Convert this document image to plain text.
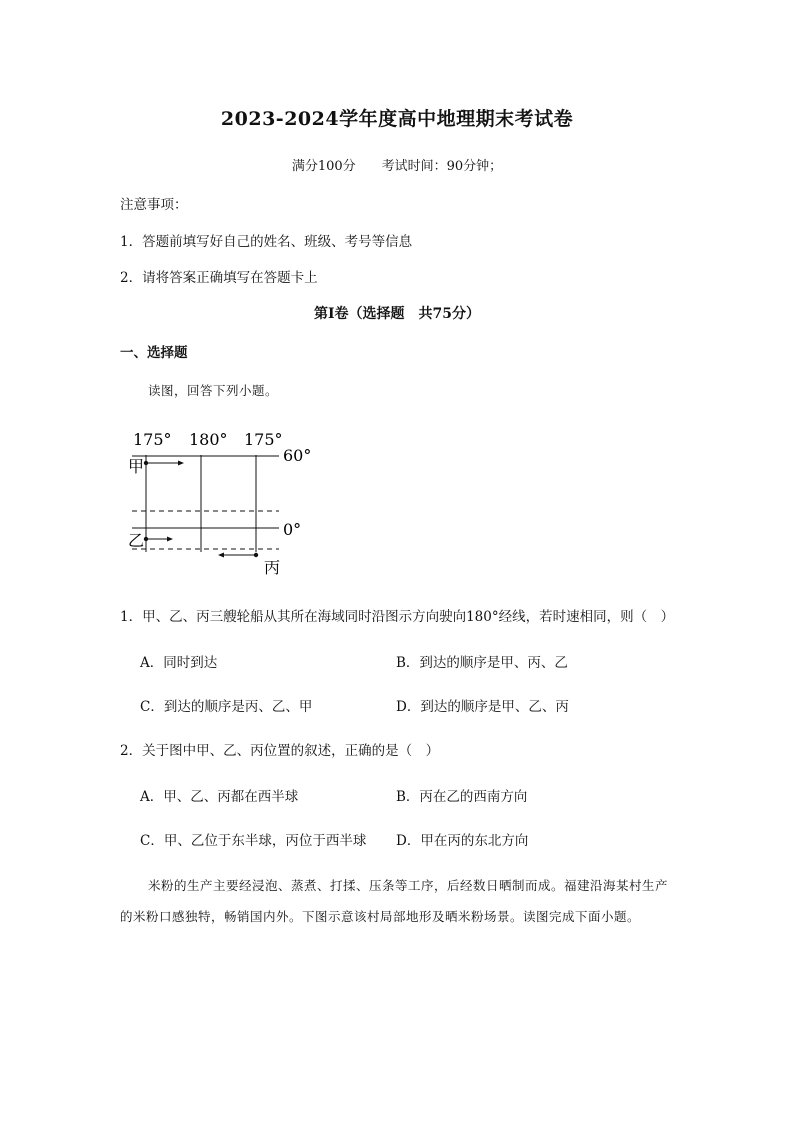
2023-2024学年度高中地理期末考试卷
满分100分　　考试时间：90分钟；
注意事项：
1．答题前填写好自己的姓名、班级、考号等信息
2．请将答案正确填写在答题卡上
第I卷（选择题　共75分）
一、选择题
读图，回答下列小题。
175° 180° 175°
60°
0°
甲
乙
丙
1．甲、乙、丙三艘轮船从其所在海域同时沿图示方向驶向180°经线，若时速相同，则（　）
A．同时到达	B．到达的顺序是甲、丙、乙
C．到达的顺序是丙、乙、甲	D．到达的顺序是甲、乙、丙
2．关于图中甲、乙、丙位置的叙述，正确的是（　）
A．甲、乙、丙都在西半球	B．丙在乙的西南方向
C．甲、乙位于东半球，丙位于西半球 D．甲在丙的东北方向
米粉的生产主要经浸泡、蒸煮、打揉、压条等工序，后经数日晒制而成。福建沿海某村生产的米粉口感独特，畅销国内外。下图示意该村局部地形及晒米粉场景。读图完成下面小题。
